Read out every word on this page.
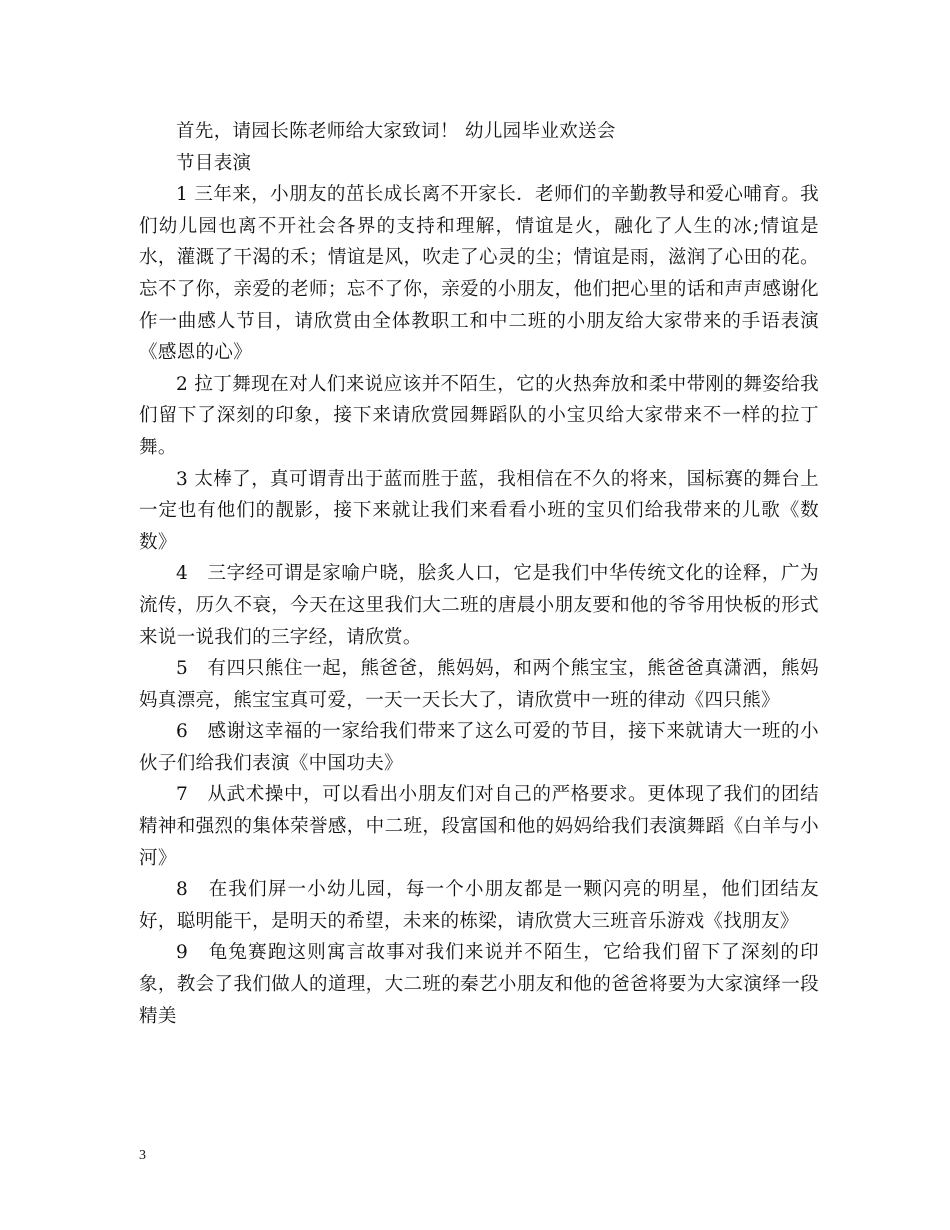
首先，请园长陈老师给大家致词！ 幼儿园毕业欢送会

节目表演

1 三年来，小朋友的茁长成长离不开家长．老师们的辛勤教导和爱心哺育。我们幼儿园也离不开社会各界的支持和理解，情谊是火，融化了人生的冰;情谊是水，灌溉了干渴的禾；情谊是风，吹走了心灵的尘；情谊是雨，滋润了心田的花。忘不了你，亲爱的老师；忘不了你，亲爱的小朋友，他们把心里的话和声声感谢化作一曲感人节目，请欣赏由全体教职工和中二班的小朋友给大家带来的手语表演《感恩的心》

2 拉丁舞现在对人们来说应该并不陌生，它的火热奔放和柔中带刚的舞姿给我们留下了深刻的印象，接下来请欣赏园舞蹈队的小宝贝给大家带来不一样的拉丁舞。

3 太棒了，真可谓青出于蓝而胜于蓝，我相信在不久的将来，国标赛的舞台上一定也有他们的靓影，接下来就让我们来看看小班的宝贝们给我带来的儿歌《数数》

4　三字经可谓是家喻户晓，脍炙人口，它是我们中华传统文化的诠释，广为流传，历久不衰，今天在这里我们大二班的唐晨小朋友要和他的爷爷用快板的形式来说一说我们的三字经，请欣赏。

5　有四只熊住一起，熊爸爸，熊妈妈，和两个熊宝宝，熊爸爸真潇洒，熊妈妈真漂亮，熊宝宝真可爱，一天一天长大了，请欣赏中一班的律动《四只熊》

6　感谢这幸福的一家给我们带来了这么可爱的节目，接下来就请大一班的小伙子们给我们表演《中国功夫》

7　从武术操中，可以看出小朋友们对自己的严格要求。更体现了我们的团结精神和强烈的集体荣誉感，中二班，段富国和他的妈妈给我们表演舞蹈《白羊与小河》

8　在我们屏一小幼儿园，每一个小朋友都是一颗闪亮的明星，他们团结友好，聪明能干，是明天的希望，未来的栋梁，请欣赏大三班音乐游戏《找朋友》

9　龟兔赛跑这则寓言故事对我们来说并不陌生，它给我们留下了深刻的印象，教会了我们做人的道理，大二班的秦艺小朋友和他的爸爸将要为大家演绎一段精美

3
